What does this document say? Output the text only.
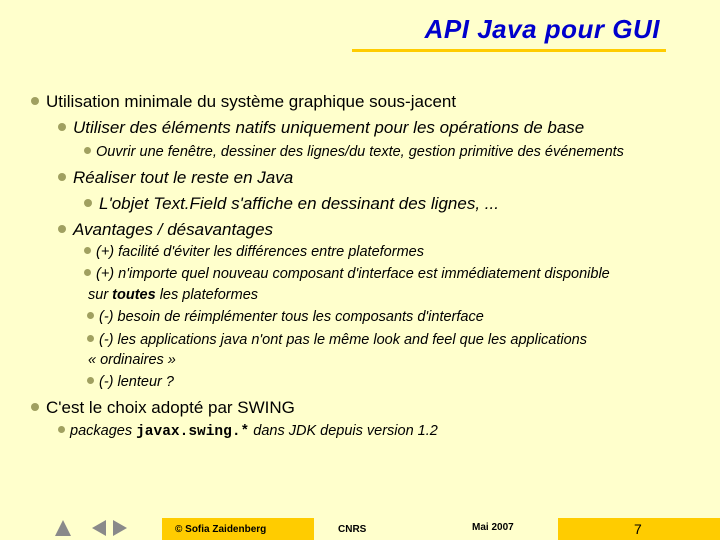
API Java pour GUI
Utilisation minimale du système graphique sous-jacent
Utiliser des éléments natifs uniquement pour les opérations de base
Ouvrir une fenêtre, dessiner des lignes/du texte, gestion primitive des événements
Réaliser tout le reste en Java
L'objet Text.Field s'affiche en dessinant des lignes, ...
Avantages / désavantages
(+) facilité d'éviter les différences entre plateformes
(+) n'importe quel nouveau composant d'interface est immédiatement disponible
sur toutes les plateformes
(-) besoin de réimplémenter tous les composants d'interface
(-) les applications java n'ont pas le même look and feel que les applications
« ordinaires »
(-) lenteur ?
C'est le choix adopté par SWING
packages javax.swing.* dans JDK depuis version 1.2
© Sofia Zaidenberg	CNRS	Mai 2007	7
